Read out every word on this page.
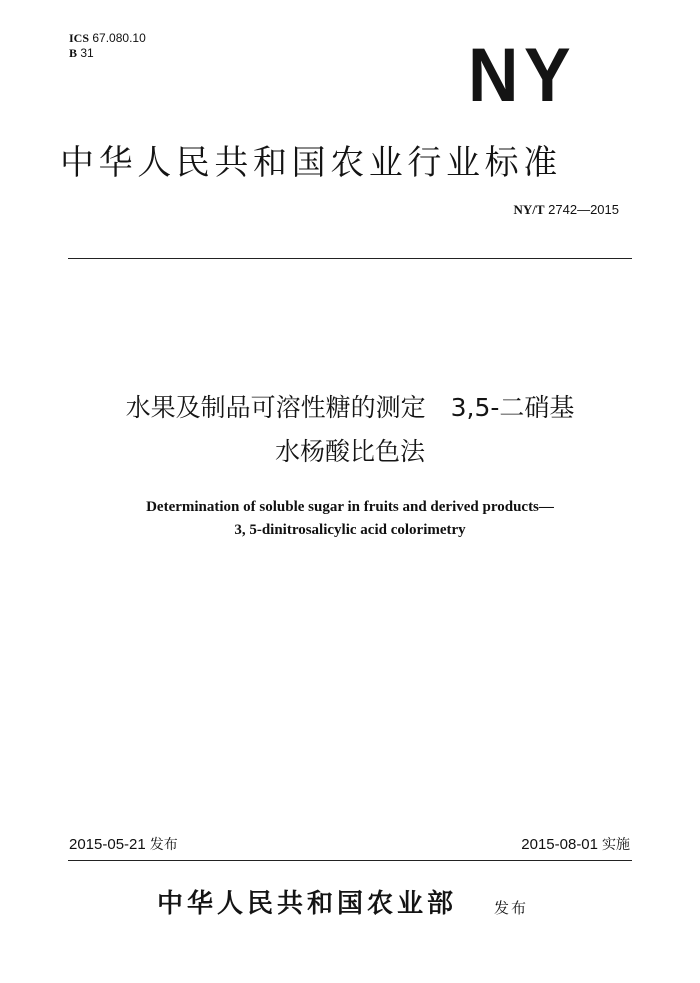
ICS 67.080.10
B 31	NY
中华人民共和国农业行业标准
NY/T 2742—2015
水果及制品可溶性糖的测定　3,5-二硝基
水杨酸比色法
Determination of soluble sugar in fruits and derived products—
3, 5-dinitrosalicylic acid colorimetry
2015-05-21 发布	2015-08-01 实施
中华人民共和国农业部 发布
